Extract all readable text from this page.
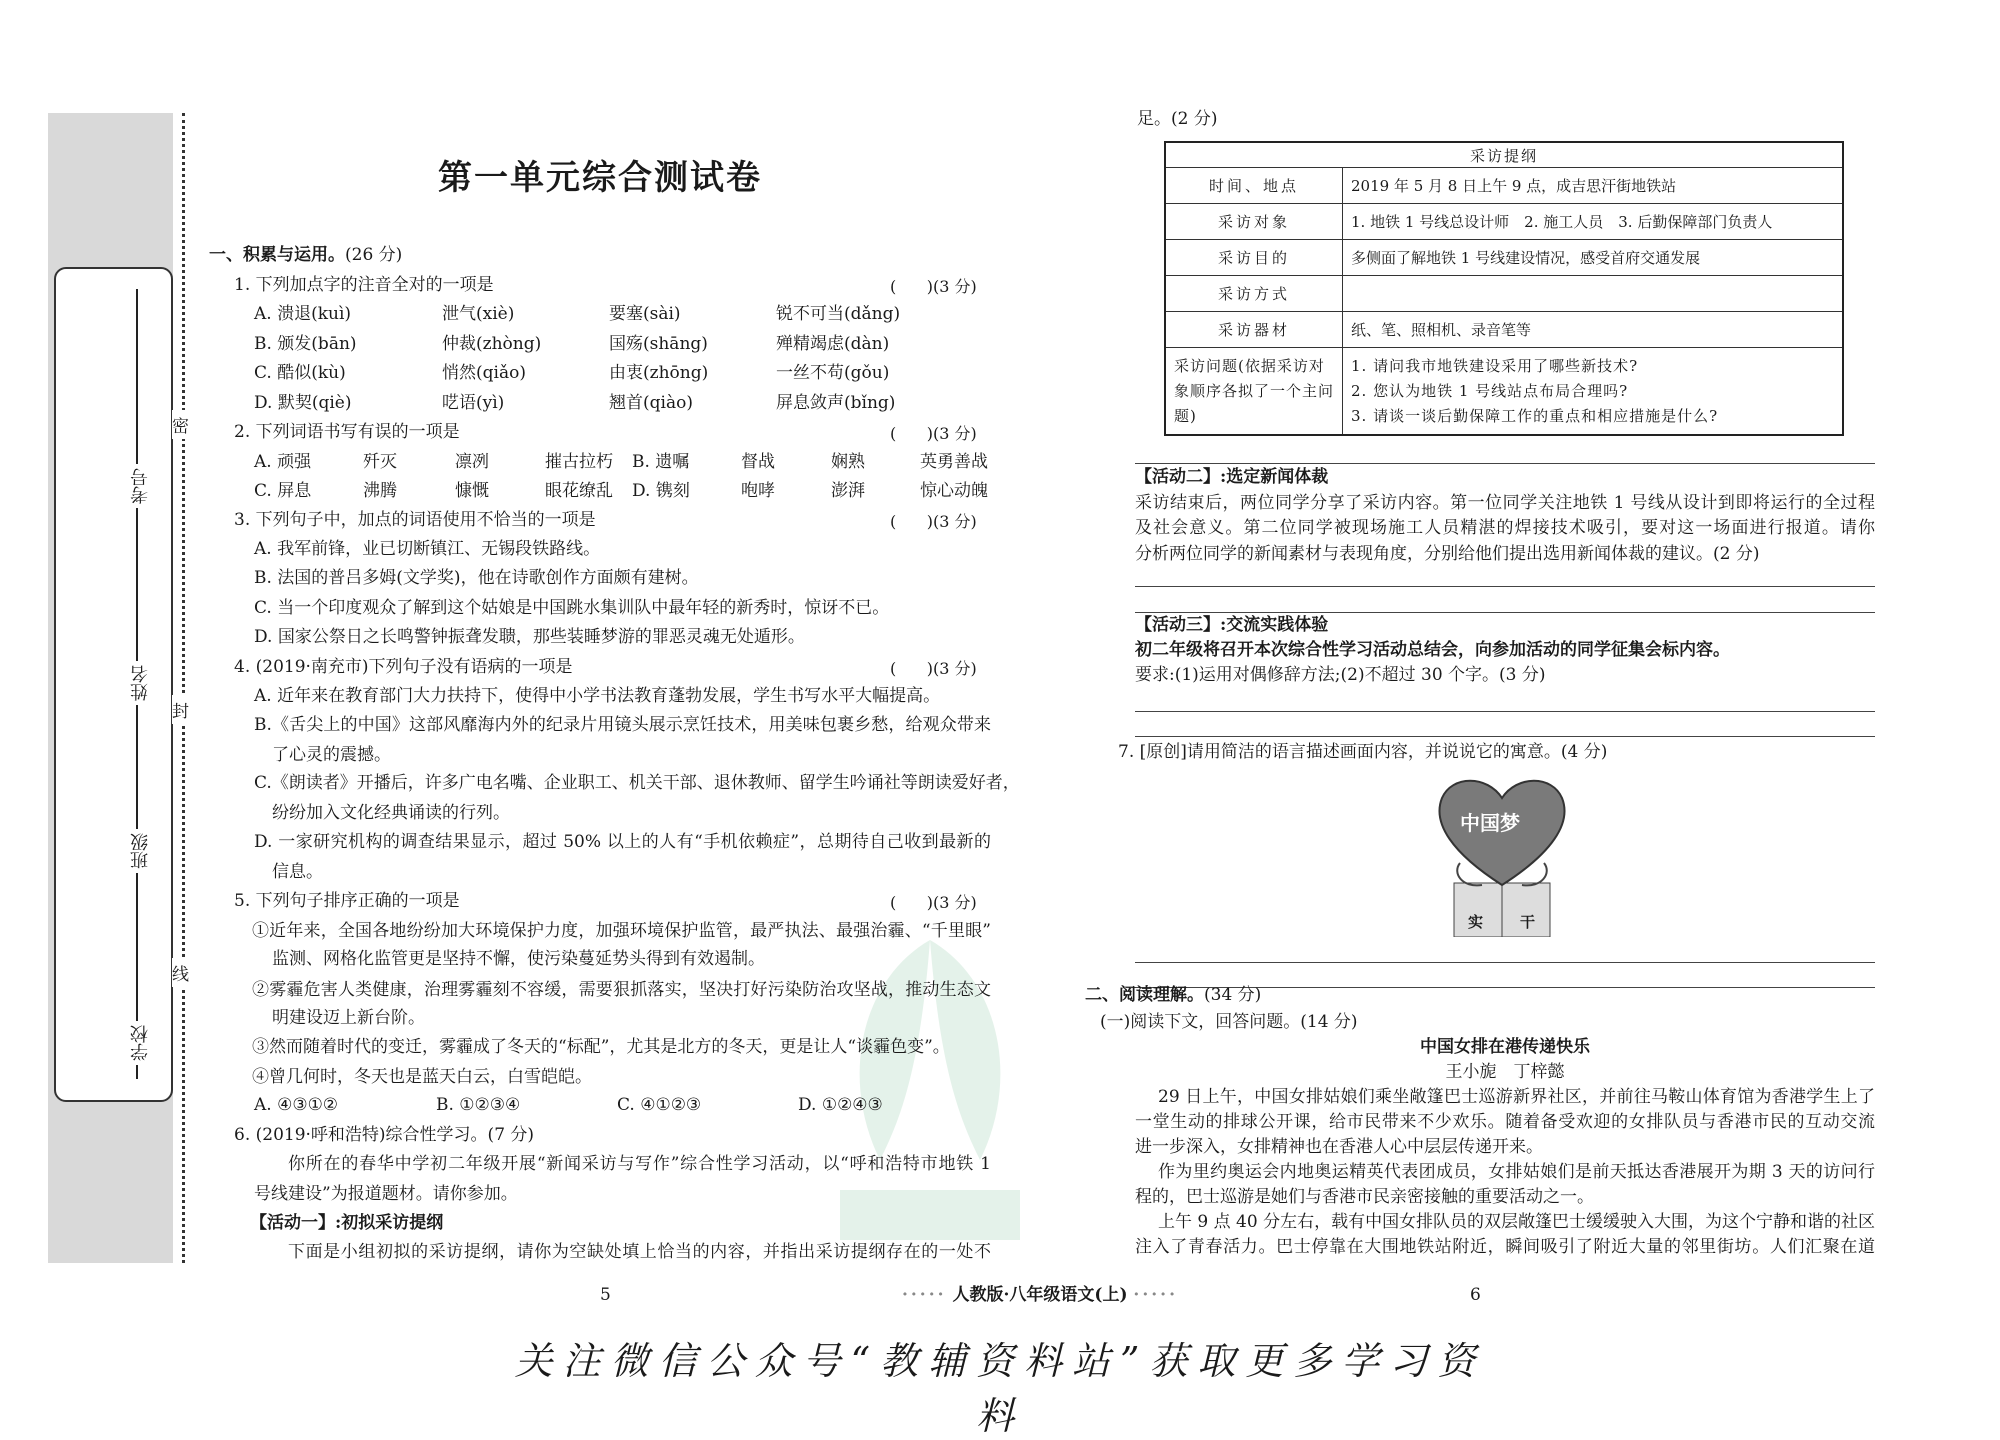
考号
姓名
班级
学校
密
封
线
第一单元综合测试卷
一、积累与运用。(26 分)
1. 下列加点字的注音全对的一项是	(      )(3 分)
A. 溃退(kuì)	泄气(xiè)	要塞(sài)	锐不可当(dǎng)
B. 颁发(bān)	仲裁(zhòng)	国殇(shāng)	殚精竭虑(dàn)
C. 酷似(kù)	悄然(qiǎo)	由衷(zhōng)	一丝不苟(gǒu)
D. 默契(qiè)	呓语(yì)	翘首(qiào)	屏息敛声(bǐng)
2. 下列词语书写有误的一项是	(      )(3 分)
A. 顽强	歼灭	凛冽	摧古拉朽 B. 遗嘱	督战	娴熟	英勇善战
C. 屏息	沸腾	慷慨	眼花缭乱 D. 镌刻	咆哮	澎湃	惊心动魄
3. 下列句子中，加点的词语使用不恰当的一项是	(      )(3 分)
A. 我军前锋，业已切断镇江、无锡段铁路线。
B. 法国的普吕多姆(文学奖)，他在诗歌创作方面颇有建树。
C. 当一个印度观众了解到这个姑娘是中国跳水集训队中最年轻的新秀时，惊讶不已。
D. 国家公祭日之长鸣警钟振聋发聩，那些装睡梦游的罪恶灵魂无处遁形。
4. (2019·南充市)下列句子没有语病的一项是	(      )(3 分)
A. 近年来在教育部门大力扶持下，使得中小学书法教育蓬勃发展，学生书写水平大幅提高。
B.《舌尖上的中国》这部风靡海内外的纪录片用镜头展示烹饪技术，用美味包裹乡愁，给观众带来
了心灵的震撼。
C.《朗读者》开播后，许多广电名嘴、企业职工、机关干部、退休教师、留学生吟诵社等朗读爱好者，
纷纷加入文化经典诵读的行列。
D. 一家研究机构的调查结果显示，超过 50% 以上的人有“手机依赖症”，总期待自己收到最新的
信息。
5. 下列句子排序正确的一项是	(      )(3 分)
①近年来，全国各地纷纷加大环境保护力度，加强环境保护监管，最严执法、最强治霾、“千里眼”
监测、网格化监管更是坚持不懈，使污染蔓延势头得到有效遏制。
②雾霾危害人类健康，治理雾霾刻不容缓，需要狠抓落实，坚决打好污染防治攻坚战，推动生态文
明建设迈上新台阶。
③然而随着时代的变迁，雾霾成了冬天的“标配”，尤其是北方的冬天，更是让人“谈霾色变”。
④曾几何时，冬天也是蓝天白云，白雪皑皑。
A. ④③①②	B. ①②③④	C. ④①②③	D. ①②④③
6. (2019·呼和浩特)综合性学习。(7 分)
你所在的春华中学初二年级开展“新闻采访与写作”综合性学习活动，以“呼和浩特市地铁 1
号线建设”为报道题材。请你参加。
【活动一】:初拟采访提纲
下面是小组初拟的采访提纲，请你为空缺处填上恰当的内容，并指出采访提纲存在的一处不
足。(2 分)
采访提纲	
时间、地点	2019 年 5 月 8 日上午 9 点，成吉思汗街地铁站
采访对象	1. 地铁 1 号线总设计师　2. 施工人员　3. 后勤保障部门负责人
采访目的	多侧面了解地铁 1 号线建设情况，感受首府交通发展
采访方式	
采访器材	纸、笔、照相机、录音笔等
采访问题(依据采访对象顺序各拟了一个主问题)	1. 请问我市地铁建设采用了哪些新技术?
2. 您认为地铁 1 号线站点布局合理吗?
3. 请谈一谈后勤保障工作的重点和相应措施是什么?
【活动二】:选定新闻体裁
采访结束后，两位同学分享了采访内容。第一位同学关注地铁 1 号线从设计到即将运行的全过程
及社会意义。第二位同学被现场施工人员精湛的焊接技术吸引，要对这一场面进行报道。请你
分析两位同学的新闻素材与表现角度，分别给他们提出选用新闻体裁的建议。(2 分)
【活动三】:交流实践体验
初二年级将召开本次综合性学习活动总结会，向参加活动的同学征集会标内容。
要求:(1)运用对偶修辞方法;(2)不超过 30 个字。(3 分)
7. [原创]请用简洁的语言描述画面内容，并说说它的寓意。(4 分)
中国梦
实 干
二、阅读理解。(34 分)
(一)阅读下文，回答问题。(14 分)
中国女排在港传递快乐
王小旎　丁梓懿
29 日上午，中国女排姑娘们乘坐敞篷巴士巡游新界社区，并前往马鞍山体育馆为香港学生上了
一堂生动的排球公开课，给市民带来不少欢乐。随着备受欢迎的女排队员与香港市民的互动交流
进一步深入，女排精神也在香港人心中层层传递开来。
作为里约奥运会内地奥运精英代表团成员，女排姑娘们是前天抵达香港展开为期 3 天的访问行
程的，巴士巡游是她们与香港市民亲密接触的重要活动之一。
上午 9 点 40 分左右，载有中国女排队员的双层敞篷巴士缓缓驶入大围，为这个宁静和谐的社区
注入了青春活力。巴士停靠在大围地铁站附近，瞬间吸引了附近大量的邻里街坊。人们汇聚在道
5	····· 人教版·八年级语文(上) ·····	6
关注微信公众号“教辅资料站”获取更多学习资料
